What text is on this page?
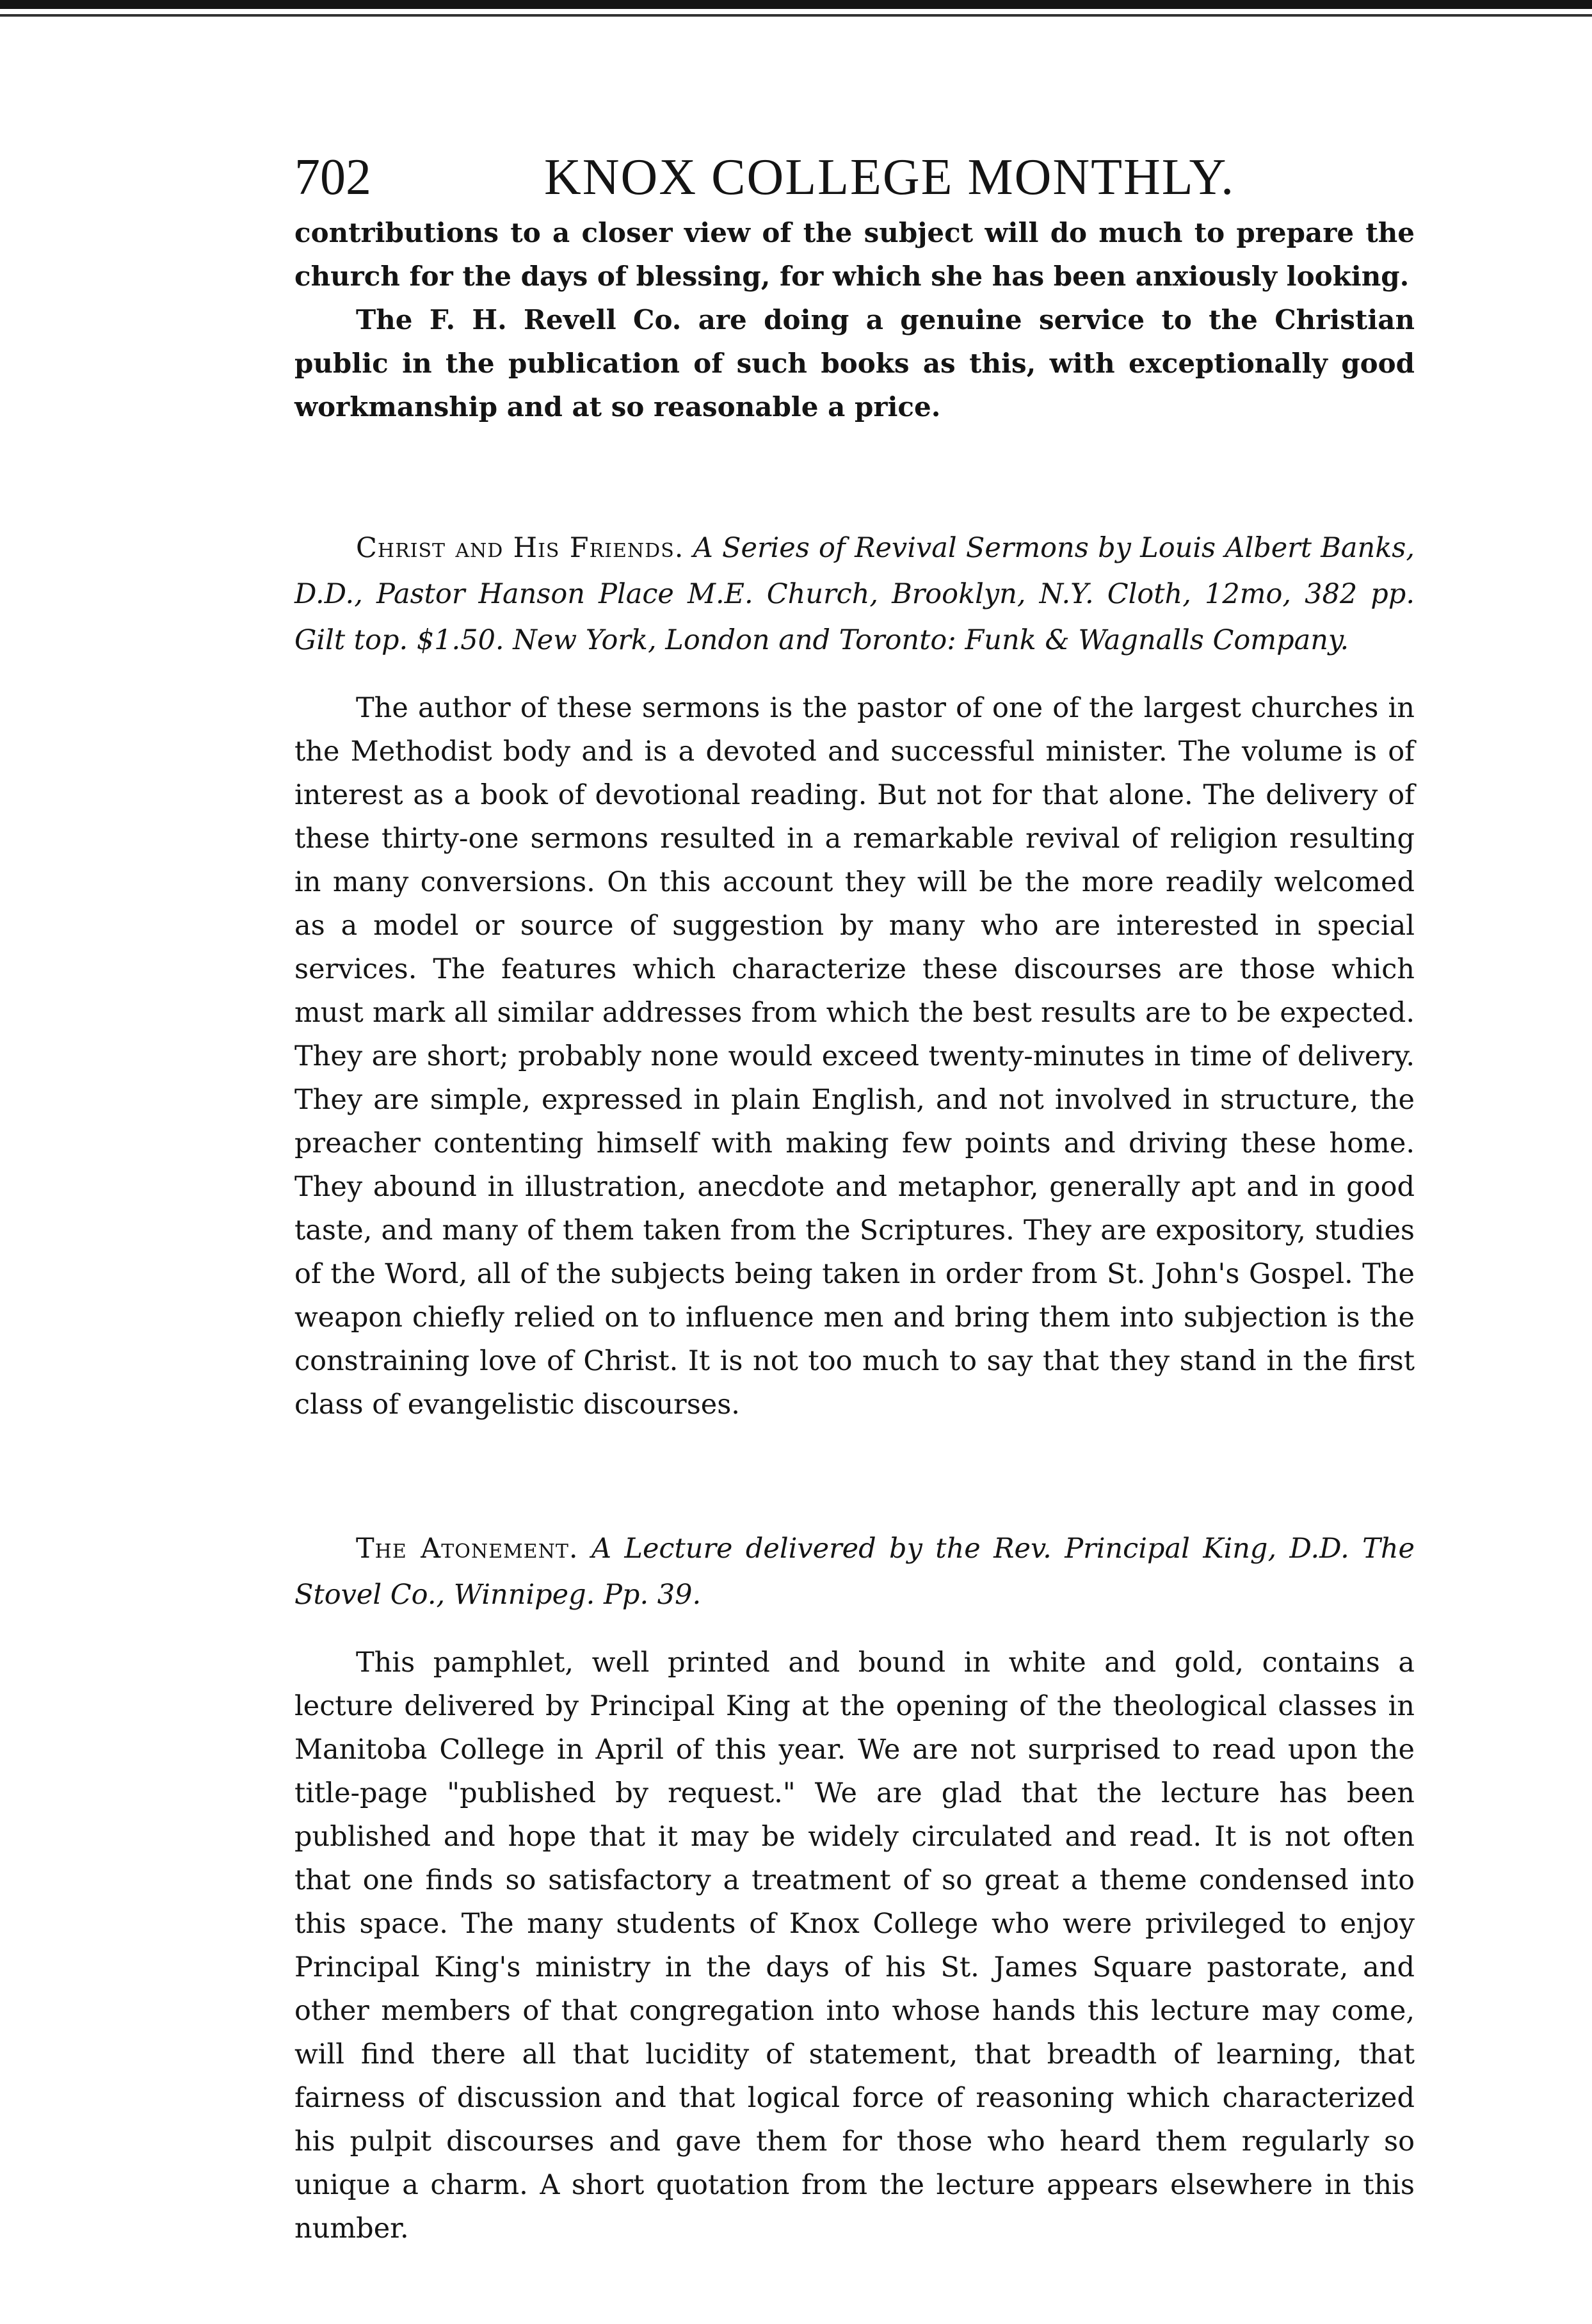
702	KNOX COLLEGE MONTHLY.

contributions to a closer view of the subject will do much to prepare the church for the days of blessing, for which she has been anxiously looking.

The F. H. Revell Co. are doing a genuine service to the Christian public in the publication of such books as this, with exceptionally good workmanship and at so reasonable a price.

Christ and His Friends. A Series of Revival Sermons by Louis Albert Banks, D.D., Pastor Hanson Place M.E. Church, Brooklyn, N.Y. Cloth, 12mo, 382 pp. Gilt top. $1.50. New York, London and Toronto: Funk & Wagnalls Company.

The author of these sermons is the pastor of one of the largest churches in the Methodist body and is a devoted and successful minister. The volume is of interest as a book of devotional reading. But not for that alone. The delivery of these thirty-one sermons resulted in a remarkable revival of religion resulting in many conversions. On this account they will be the more readily welcomed as a model or source of suggestion by many who are interested in special services. The features which characterize these discourses are those which must mark all similar addresses from which the best results are to be expected. They are short; probably none would exceed twenty-minutes in time of delivery. They are simple, expressed in plain English, and not involved in structure, the preacher contenting himself with making few points and driving these home. They abound in illustration, anecdote and metaphor, generally apt and in good taste, and many of them taken from the Scriptures. They are expository, studies of the Word, all of the subjects being taken in order from St. John's Gospel. The weapon chiefly relied on to influence men and bring them into subjection is the constraining love of Christ. It is not too much to say that they stand in the first class of evangelistic discourses.

The Atonement. A Lecture delivered by the Rev. Principal King, D.D. The Stovel Co., Winnipeg. Pp. 39.

This pamphlet, well printed and bound in white and gold, contains a lecture delivered by Principal King at the opening of the theological classes in Manitoba College in April of this year. We are not surprised to read upon the title-page "published by request." We are glad that the lecture has been published and hope that it may be widely circulated and read. It is not often that one finds so satisfactory a treatment of so great a theme condensed into this space. The many students of Knox College who were privileged to enjoy Principal King's ministry in the days of his St. James Square pastorate, and other members of that congregation into whose hands this lecture may come, will find there all that lucidity of statement, that breadth of learning, that fairness of discussion and that logical force of reasoning which characterized his pulpit discourses and gave them for those who heard them regularly so unique a charm. A short quotation from the lecture appears elsewhere in this number.
